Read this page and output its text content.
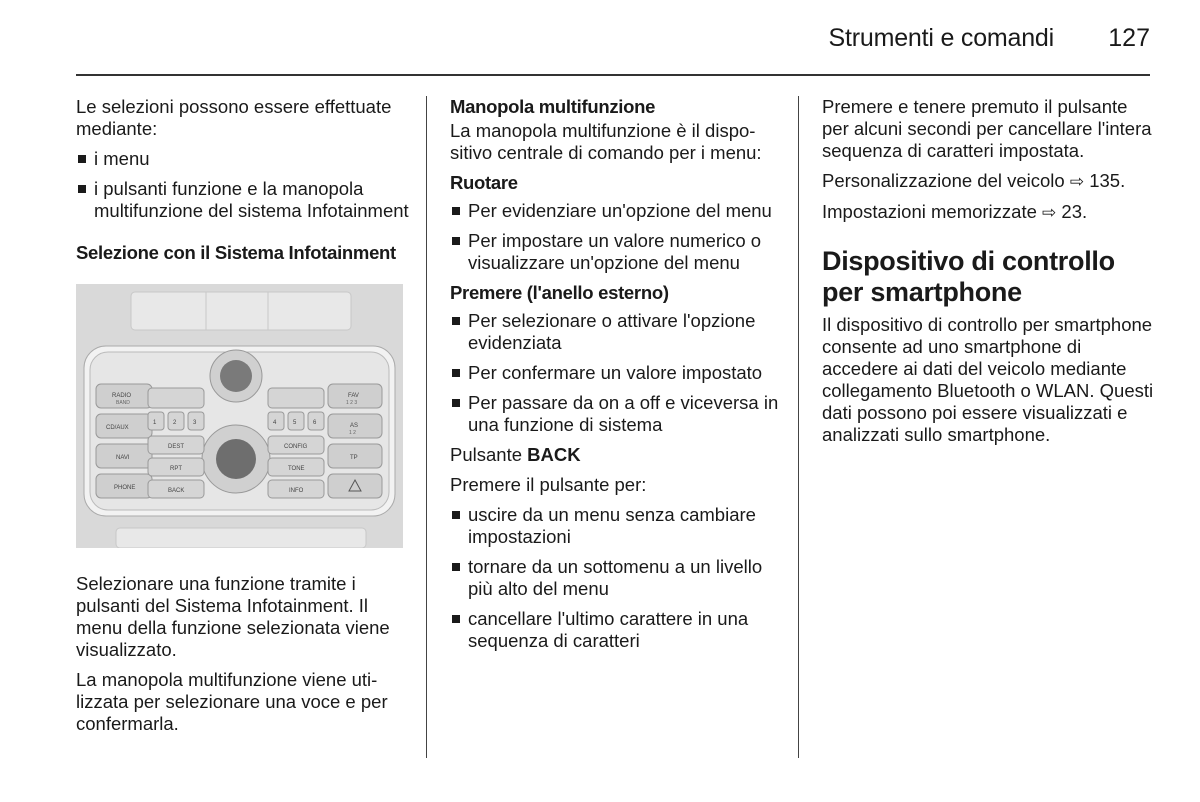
Strumenti e comandi 127

Le selezioni possono essere effettuate mediante:

i menu
i pulsanti funzione e la manopola multifunzione del sistema Infotainment
Selezione con il Sistema Infotainment
RADIO
BAND
CD/AUX
NAVI
PHONE
1	2	3
DEST
RPT
BACK
4	5	6
CONFIG
TONE
INFO
FAV
1 2 3
AS
1 2
TP

Selezionare una funzione tramite i pulsanti del Sistema Infotainment. Il menu della funzione selezionata viene visualizzato.

La manopola multifunzione viene utilizzata per selezionare una voce e per confermarla.

Manopola multifunzione

La manopola multifunzione è il dispositivo centrale di comando per i menu:

Ruotare
Per evidenziare un'opzione del menu
Per impostare un valore numerico o visualizzare un'opzione del menu
Premere (l'anello esterno)
Per selezionare o attivare l'opzione evidenziata
Per confermare un valore impostato
Per passare da on a off e viceversa in una funzione di sistema

Pulsante BACK

Premere il pulsante per:

uscire da un menu senza cambiare impostazioni
tornare da un sottomenu a un livello più alto del menu
cancellare l'ultimo carattere in una sequenza di caratteri

Premere e tenere premuto il pulsante per alcuni secondi per cancellare l'intera sequenza di caratteri impostata.

Personalizzazione del veicolo ⇨ 135.

Impostazioni memorizzate ⇨ 23.

Dispositivo di controllo per smartphone

Il dispositivo di controllo per smartphone consente ad uno smartphone di accedere ai dati del veicolo mediante collegamento Bluetooth o WLAN. Questi dati possono poi essere visualizzati e analizzati sullo smartphone.
